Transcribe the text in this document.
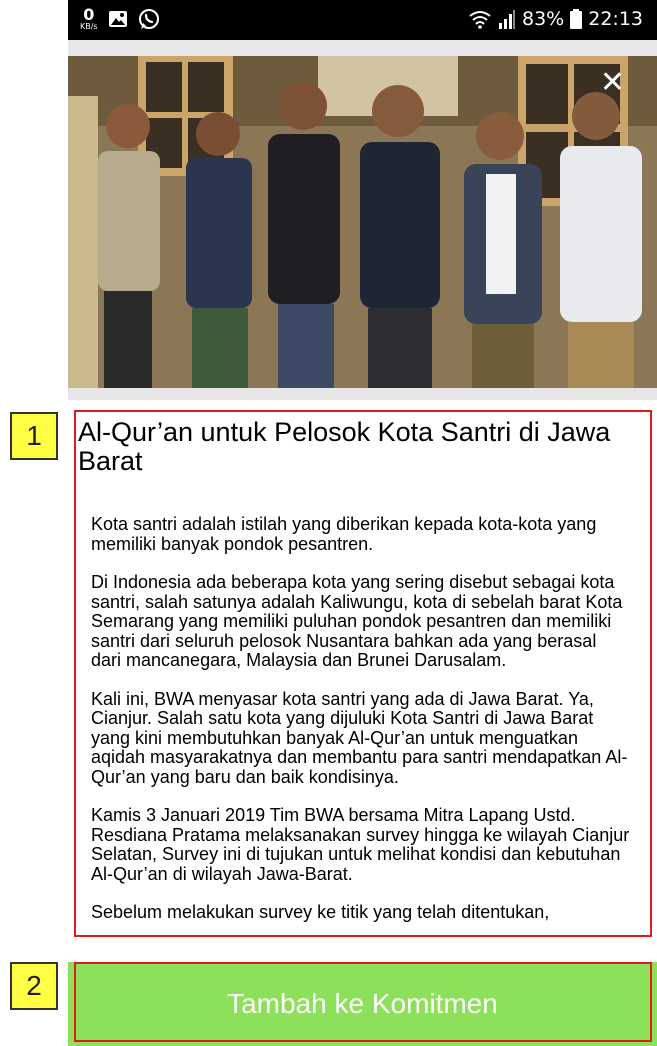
0
KB/s	83% 22:13
✕
1	Al-Qur’an untuk Pelosok Kota Santri di Jawa Barat

Kota santri adalah istilah yang diberikan kepada kota-kota yang memiliki banyak pondok pesantren.

Di Indonesia ada beberapa kota yang sering disebut sebagai kota santri, salah satunya adalah Kaliwungu, kota di sebelah barat Kota Semarang yang memiliki puluhan pondok pesantren dan memiliki santri dari seluruh pelosok Nusantara bahkan ada yang berasal dari mancanegara, Malaysia dan Brunei Darusalam.

Kali ini, BWA menyasar kota santri yang ada di Jawa Barat. Ya, Cianjur. Salah satu kota yang dijuluki Kota Santri di Jawa Barat yang kini membutuhkan banyak Al-Qur’an untuk menguatkan aqidah masyarakatnya dan membantu para santri mendapatkan Al-Qur’an yang baru dan baik kondisinya.

Kamis 3 Januari 2019 Tim BWA bersama Mitra Lapang Ustd. Resdiana Pratama melaksanakan survey hingga ke wilayah Cianjur Selatan, Survey ini di tujukan untuk melihat kondisi dan kebutuhan Al-Qur’an di wilayah Jawa-Barat.

Sebelum melakukan survey ke titik yang telah ditentukan,

Tambah ke Komitmen
2
